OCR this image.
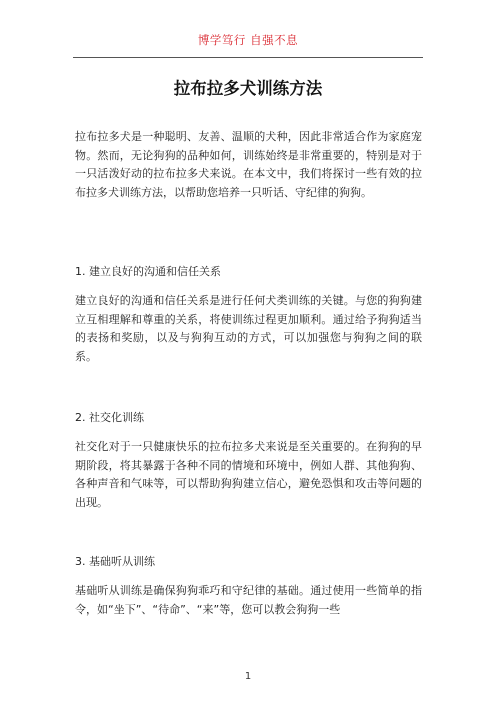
博学笃行 自强不息
拉布拉多犬训练方法

拉布拉多犬是一种聪明、友善、温顺的犬种，因此非常适合作为家庭宠物。然而，无论狗狗的品种如何，训练始终是非常重要的，特别是对于一只活泼好动的拉布拉多犬来说。在本文中，我们将探讨一些有效的拉布拉多犬训练方法，以帮助您培养一只听话、守纪律的狗狗。

1. 建立良好的沟通和信任关系

建立良好的沟通和信任关系是进行任何犬类训练的关键。与您的狗狗建立互相理解和尊重的关系，将使训练过程更加顺利。通过给予狗狗适当的表扬和奖励，以及与狗狗互动的方式，可以加强您与狗狗之间的联系。

2. 社交化训练

社交化对于一只健康快乐的拉布拉多犬来说是至关重要的。在狗狗的早期阶段，将其暴露于各种不同的情境和环境中，例如人群、其他狗狗、各种声音和气味等，可以帮助狗狗建立信心，避免恐惧和攻击等问题的出现。

3. 基础听从训练

基础听从训练是确保狗狗乖巧和守纪律的基础。通过使用一些简单的指令，如“坐下”、“待命”、“来”等，您可以教会狗狗一些

1
